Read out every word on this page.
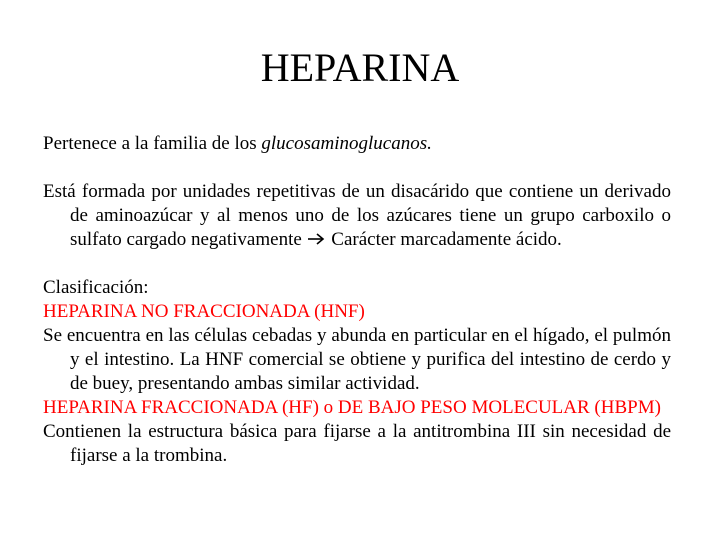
HEPARINA

Pertenece a la familia de los glucosaminoglucanos.

Está formada por unidades repetitivas de un disacárido que contiene un derivado de aminoazúcar y al menos uno de los azúcares tiene un grupo carboxilo o sulfato cargado negativamente Carácter marcadamente ácido.

Clasificación:

HEPARINA NO FRACCIONADA (HNF)

Se encuentra en las células cebadas y abunda en particular en el hígado, el pulmón y el intestino. La HNF comercial se obtiene y purifica del intestino de cerdo y de buey, presentando ambas similar actividad.

HEPARINA FRACCIONADA (HF) o DE BAJO PESO MOLECULAR (HBPM)

Contienen la estructura básica para fijarse a la antitrombina III sin necesidad de fijarse a la trombina.
